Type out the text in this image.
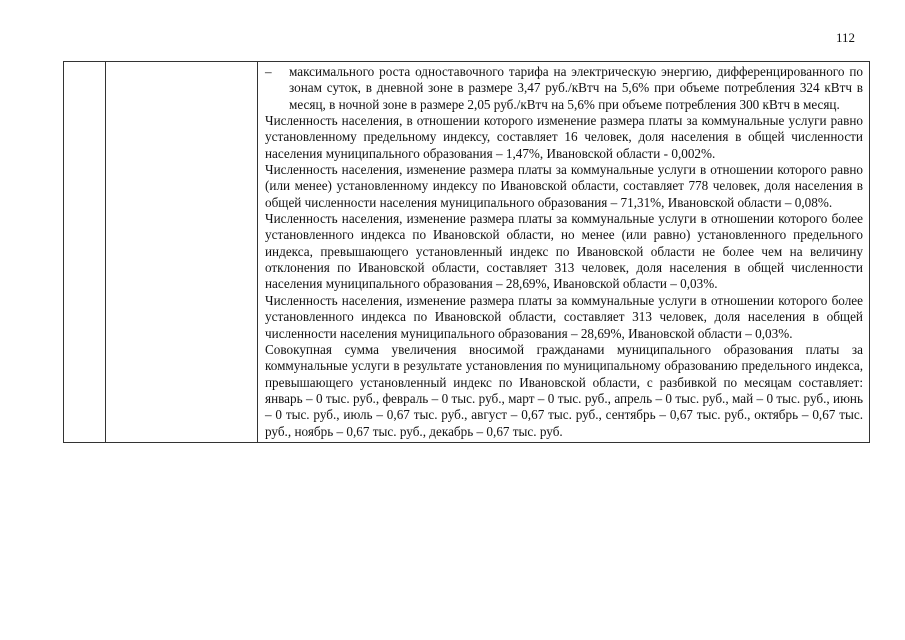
112

–	максимального роста одноставочного тарифа на электрическую энергию, дифференцированного по зонам суток, в дневной зоне в размере 3,47 руб./кВтч на 5,6% при объеме потребления 324 кВтч в месяц, в ночной зоне в размере 2,05 руб./кВтч на 5,6% при объеме потребления 300 кВтч в месяц.

Численность населения, в отношении которого изменение размера платы за коммунальные услуги равно установленному предельному индексу, составляет 16 человек, доля населения в общей численности населения муниципального образования – 1,47%, Ивановской области - 0,002%.

Численность населения, изменение размера платы за коммунальные услуги в отношении которого равно (или менее) установленному индексу по Ивановской области, составляет 778 человек, доля населения в общей численности населения муниципального образования – 71,31%, Ивановской области – 0,08%.

Численность населения, изменение размера платы за коммунальные услуги в отношении которого более установленного индекса по Ивановской области, но менее (или равно) установленного предельного индекса, превышающего установленный индекс по Ивановской области не более чем на величину отклонения по Ивановской области, составляет 313 человек, доля населения в общей численности населения муниципального образования – 28,69%, Ивановской области – 0,03%.

Численность населения, изменение размера платы за коммунальные услуги в отношении которого более установленного индекса по Ивановской области, составляет 313 человек, доля населения в общей численности населения муниципального образования – 28,69%, Ивановской области – 0,03%.

Совокупная сумма увеличения вносимой гражданами муниципального образования платы за коммунальные услуги в результате установления по муниципальному образованию предельного индекса, превышающего установленный индекс по Ивановской области, с разбивкой по месяцам составляет: январь – 0 тыс. руб., февраль – 0 тыс. руб., март – 0 тыс. руб., апрель – 0 тыс. руб., май – 0 тыс. руб., июнь – 0 тыс. руб., июль – 0,67 тыс. руб., август – 0,67 тыс. руб., сентябрь – 0,67 тыс. руб., октябрь – 0,67 тыс. руб., ноябрь – 0,67 тыс. руб., декабрь – 0,67 тыс. руб.
